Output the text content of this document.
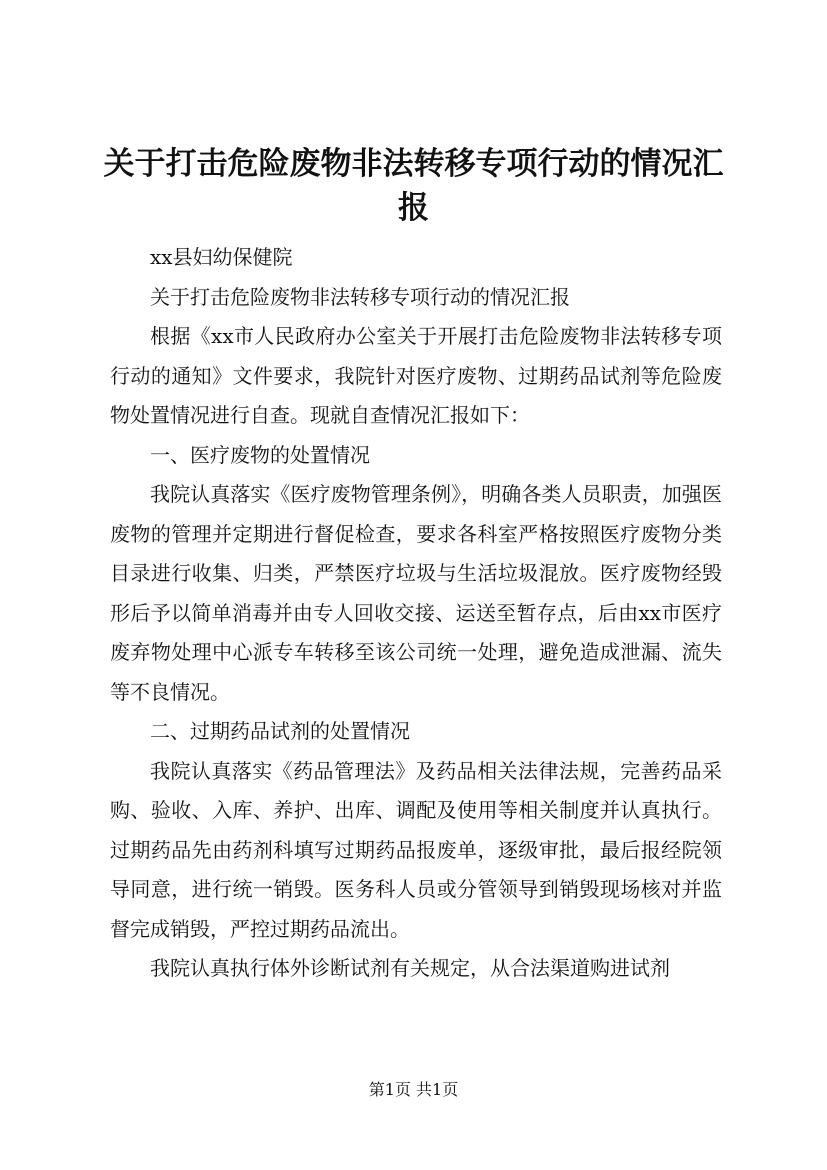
关于打击危险废物非法转移专项行动的情况汇报

xx县妇幼保健院

关于打击危险废物非法转移专项行动的情况汇报

根据《xx市人民政府办公室关于开展打击危险废物非法转移专项行动的通知》文件要求，我院针对医疗废物、过期药品试剂等危险废物处置情况进行自查。现就自查情况汇报如下：

一、医疗废物的处置情况

我院认真落实《医疗废物管理条例》，明确各类人员职责，加强医废物的管理并定期进行督促检查，要求各科室严格按照医疗废物分类目录进行收集、归类，严禁医疗垃圾与生活垃圾混放。医疗废物经毁形后予以简单消毒并由专人回收交接、运送至暂存点，后由xx市医疗废弃物处理中心派专车转移至该公司统一处理，避免造成泄漏、流失等不良情况。

二、过期药品试剂的处置情况

我院认真落实《药品管理法》及药品相关法律法规，完善药品采购、验收、入库、养护、出库、调配及使用等相关制度并认真执行。过期药品先由药剂科填写过期药品报废单，逐级审批，最后报经院领导同意，进行统一销毁。医务科人员或分管领导到销毁现场核对并监督完成销毁，严控过期药品流出。

我院认真执行体外诊断试剂有关规定，从合法渠道购进试剂

第1页 共1页
